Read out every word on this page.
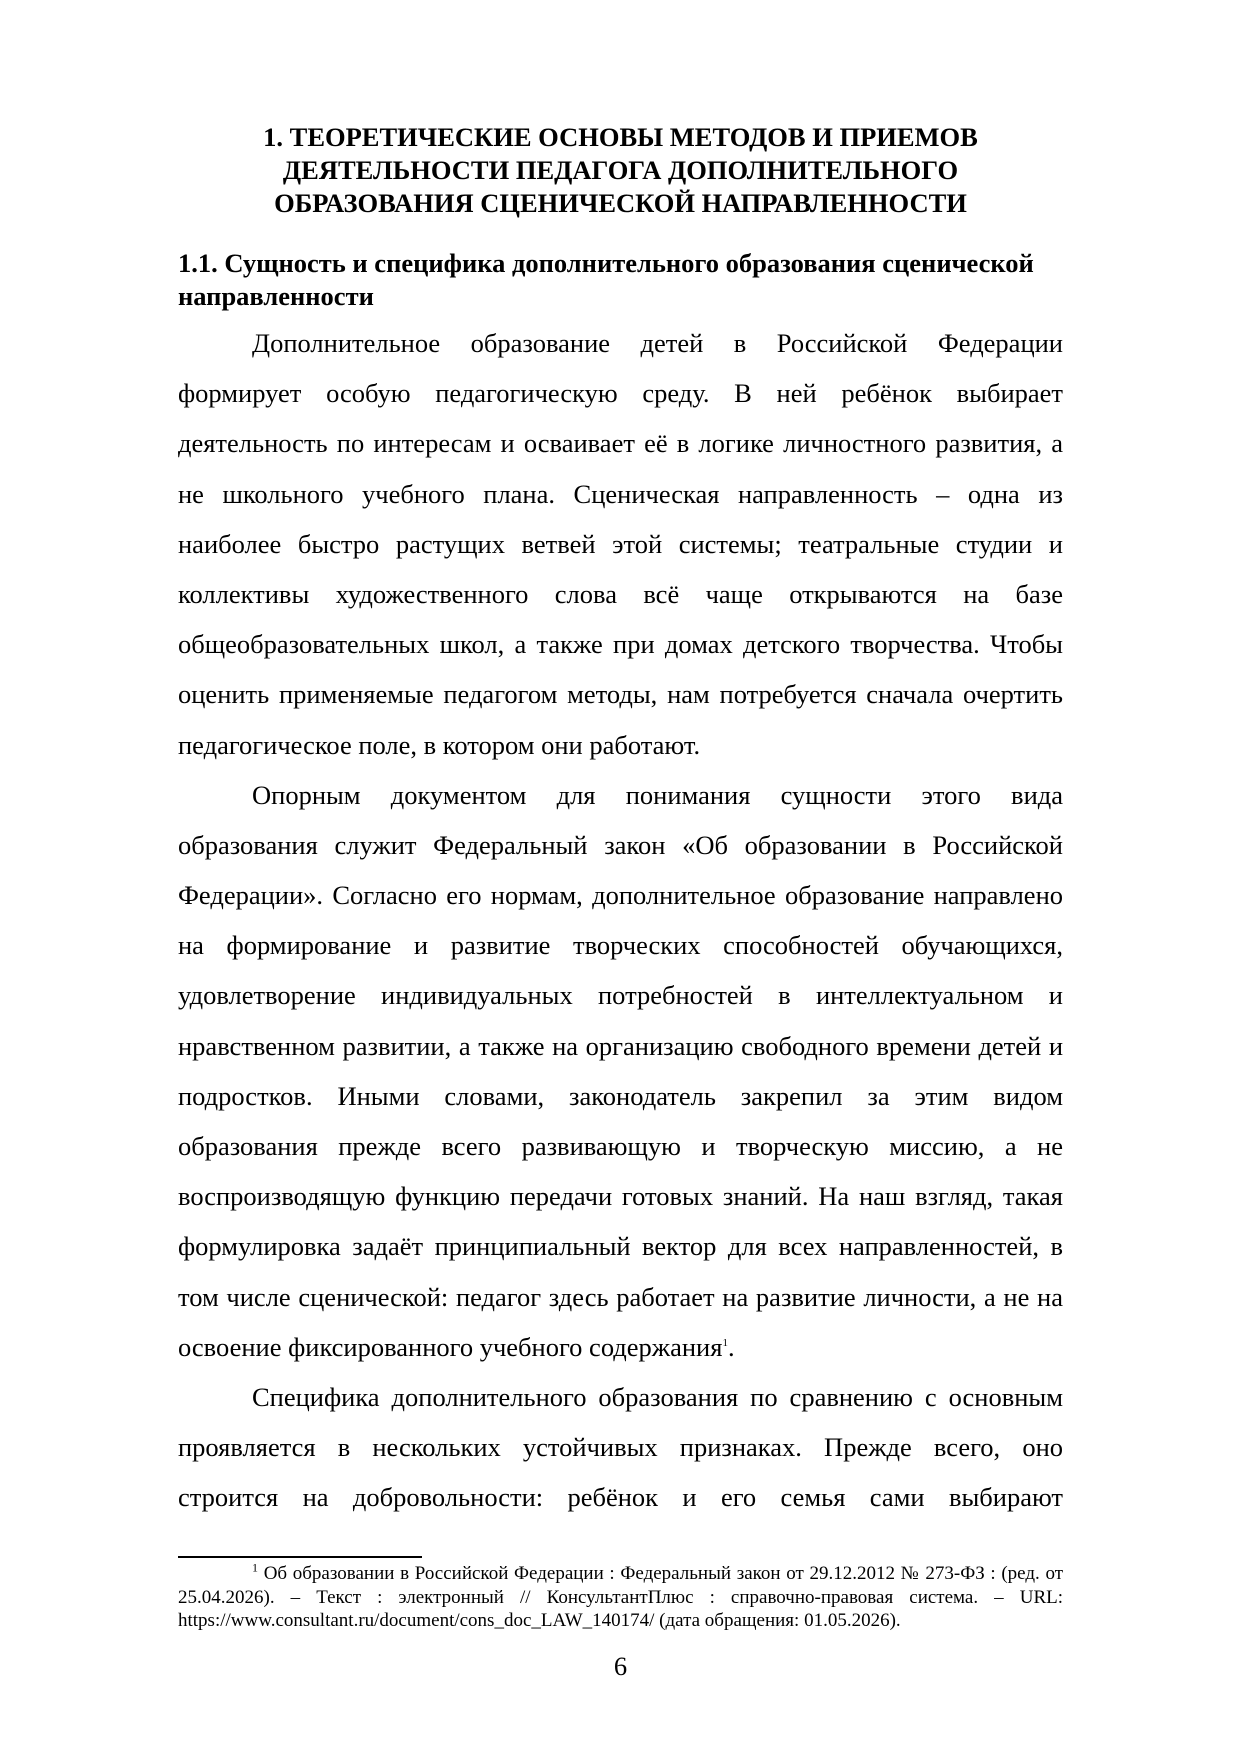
1. ТЕОРЕТИЧЕСКИЕ ОСНОВЫ МЕТОДОВ И ПРИЕМОВ
ДЕЯТЕЛЬНОСТИ ПЕДАГОГА ДОПОЛНИТЕЛЬНОГО
ОБРАЗОВАНИЯ СЦЕНИЧЕСКОЙ НАПРАВЛЕННОСТИ
1.1. Сущность и специфика дополнительного образования сценической
направленности
Дополнительное образование детей в Российской Федерации
формирует особую педагогическую среду. В ней ребёнок выбирает
деятельность по интересам и осваивает её в логике личностного развития, а
не школьного учебного плана. Сценическая направленность – одна из
наиболее быстро растущих ветвей этой системы; театральные студии и
коллективы художественного слова всё чаще открываются на базе
общеобразовательных школ, а также при домах детского творчества. Чтобы
оценить применяемые педагогом методы, нам потребуется сначала очертить
педагогическое поле, в котором они работают.
Опорным документом для понимания сущности этого вида
образования служит Федеральный закон «Об образовании в Российской
Федерации». Согласно его нормам, дополнительное образование направлено
на формирование и развитие творческих способностей обучающихся,
удовлетворение индивидуальных потребностей в интеллектуальном и
нравственном развитии, а также на организацию свободного времени детей и
подростков. Иными словами, законодатель закрепил за этим видом
образования прежде всего развивающую и творческую миссию, а не
воспроизводящую функцию передачи готовых знаний. На наш взгляд, такая
формулировка задаёт принципиальный вектор для всех направленностей, в
том числе сценической: педагог здесь работает на развитие личности, а не на
освоение фиксированного учебного содержания$^1$.
Специфика дополнительного образования по сравнению с основным
проявляется в нескольких устойчивых признаках. Прежде всего, оно
строится на добровольности: ребёнок и его семья сами выбирают
$^1$ Об образовании в Российской Федерации : Федеральный закон от 29.12.2012 № 273-ФЗ : (ред. от
25.04.2026). – Текст : электронный // КонсультантПлюс : справочно-правовая система. – URL:
https://www.consultant.ru/document/cons_doc_LAW_140174/ (дата обращения: 01.05.2026).
6
